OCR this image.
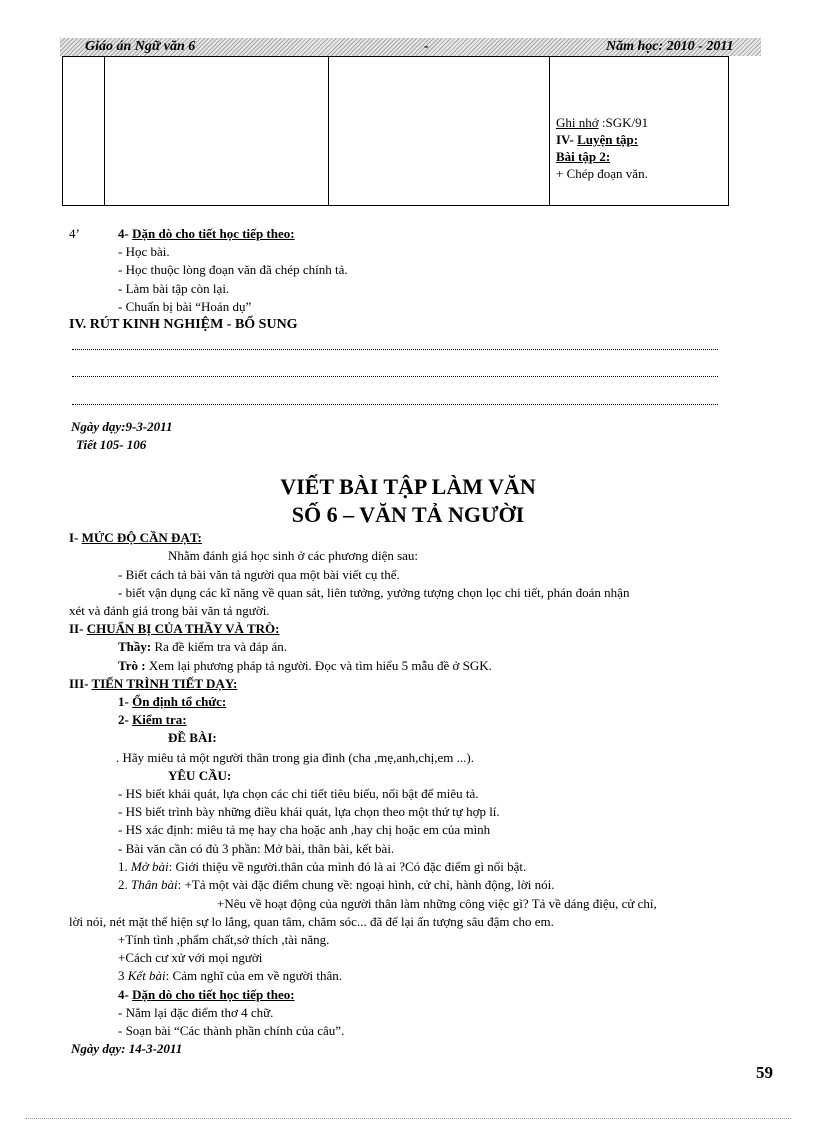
Giáo án Ngữ văn 6	-	Năm học: 2010 - 2011
Ghi nhớ :SGK/91
IV- Luyện tập:
Bài tập 2:
+ Chép đoạn văn.
4’	4- Dặn dò cho tiết học tiếp theo:
- Học bài.
- Học thuộc lòng đoạn văn đã chép chính tả.
- Làm bài tập còn lại.
- Chuẩn bị bài “Hoán dụ”
IV. RÚT KINH NGHIỆM - BỔ SUNG
Ngày dạy:9-3-2011
Tiết 105- 106
VIẾT BÀI TẬP LÀM VĂN
SỐ 6 – VĂN TẢ NGƯỜI
I- MỨC ĐỘ CẦN ĐẠT:
Nhằm đánh giá học sinh ở các phương diện sau:
- Biết cách tả bài văn tả người qua một bài viết cụ thể.
- biết vận dụng các kĩ năng về quan sát, liên tưởng, yưởng tượng chọn lọc chi tiết, phán đoán nhận
xét và đánh giá trong bài văn tả người.
II- CHUẨN BỊ CỦA THẦY VÀ TRÒ:
Thầy: Ra đề kiểm tra và đáp án.
Trò : Xem lại phương pháp tả người. Đọc và tìm hiểu 5 mẫu đề ở SGK.
III- TIẾN TRÌNH TIẾT DẠY:
1- Ổn định tổ chức:
2- Kiểm tra:
ĐỀ BÀI:
. Hãy miêu tả một người thân trong gia đình (cha ,mẹ,anh,chị,em ...).
YÊU CẦU:
- HS biết khái quát, lựa chọn các chi tiết tiêu biểu, nổi bật để miêu tả.
- HS biết trình bày những điều khái quát, lựa chọn theo một thứ tự hợp lí.
- HS xác định: miêu tả mẹ hay cha hoặc anh ,hay chị hoặc em của mình
- Bài văn cần có đủ 3 phần: Mở bài, thân bài, kết bài.
1. Mở bài: Giới thiệu về người.thân của mình đó là ai ?Có đặc điểm gì nổi bật.
2. Thân bài: +Tả một vài đặc điểm chung về: ngoại hình, cử chỉ, hành động, lời nói.
+Nêu về hoạt động của người thân làm những công việc gì? Tả về dáng điệu, cử chỉ,
lời nói, nét mặt thể hiện sự lo lắng, quan tâm, chăm sóc... đã để lại ấn tượng sâu đậm cho em.
+Tính tình ,phẩm chất,sở thích ,tài năng.
+Cách cư xử với mọi người
3 Kết bài: Cảm nghĩ của em về người thân.
4- Dặn dò cho tiết học tiếp theo:
- Nắm lại đặc điểm thơ 4 chữ.
- Soạn bài “Các thành phần chính của câu”.
Ngày dạy: 14-3-2011
59
